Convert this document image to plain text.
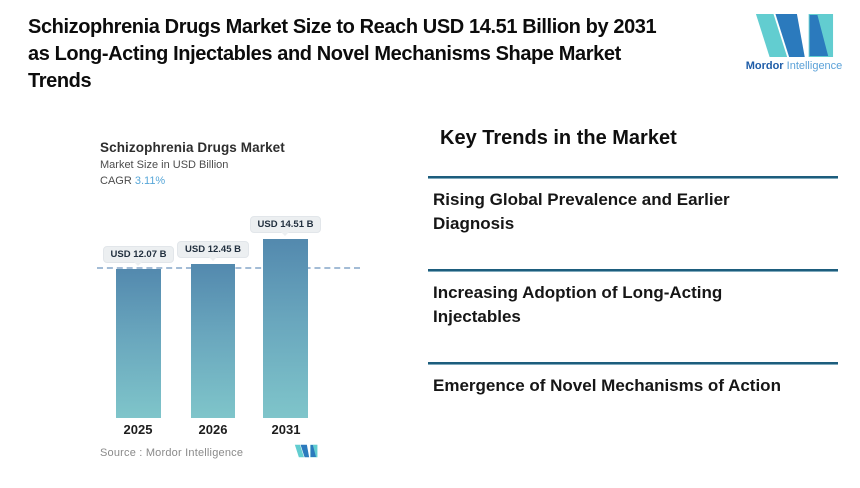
Schizophrenia Drugs Market Size to Reach USD 14.51 Billion by 2031
as Long-Acting Injectables and Novel Mechanisms Shape Market
Trends
Mordor Intelligence
Schizophrenia Drugs Market
Market Size in USD Billion
CAGR 3.11%
USD 12.07 B	USD 12.45 B
USD 14.51 B
2025	2026	2031
Source : Mordor Intelligence
Key Trends in the Market
Rising Global Prevalence and Earlier Diagnosis
Increasing Adoption of Long-Acting Injectables
Emergence of Novel Mechanisms of Action
